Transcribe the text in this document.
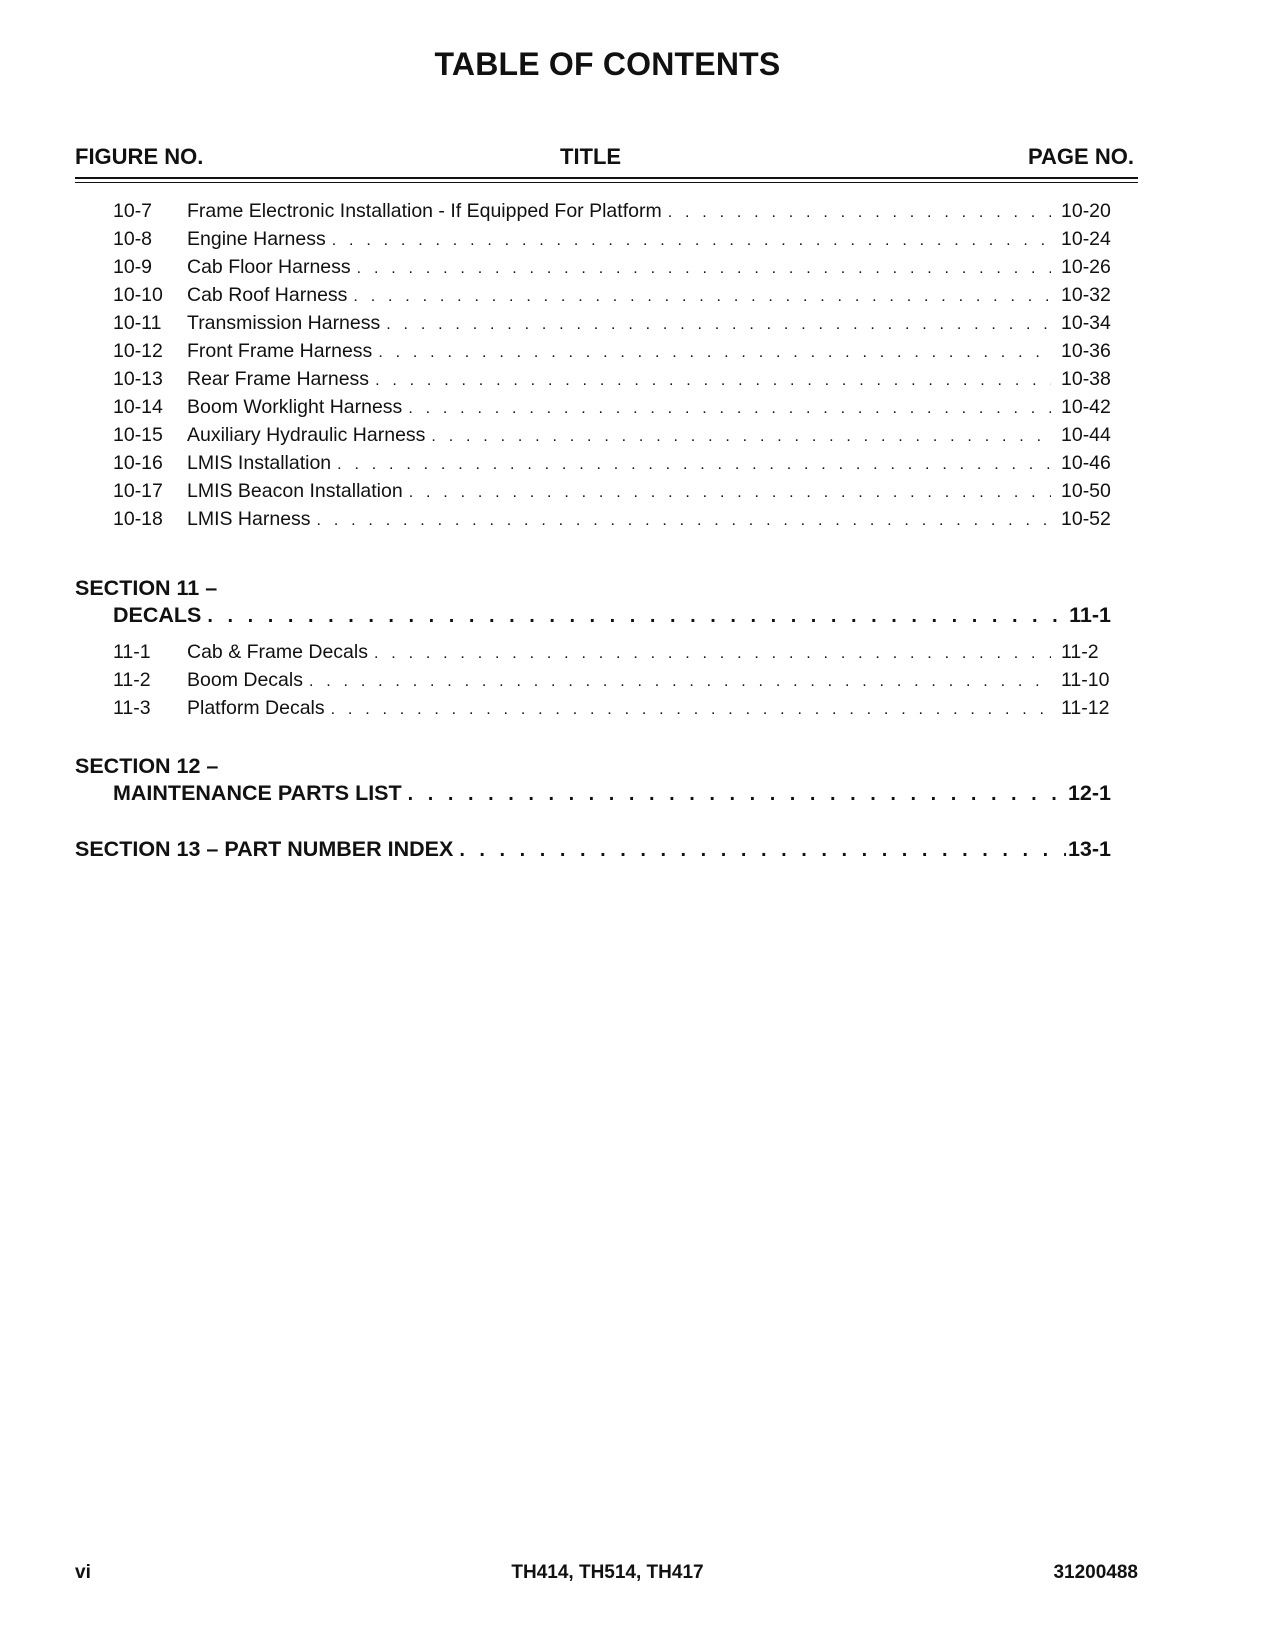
TABLE OF CONTENTS
FIGURE NO.	TITLE	PAGE NO.
10-7	Frame Electronic Installation - If Equipped For Platform . . .	10-20
10-8	Engine Harness . . .	10-24
10-9	Cab Floor Harness . . .	10-26
10-10	Cab Roof Harness . . .	10-32
10-11	Transmission Harness . . .	10-34
10-12	Front Frame Harness . . .	10-36
10-13	Rear Frame Harness . . .	10-38
10-14	Boom Worklight Harness . . .	10-42
10-15	Auxiliary Hydraulic Harness . . .	10-44
10-16	LMIS Installation . . .	10-46
10-17	LMIS Beacon Installation . . .	10-50
10-18	LMIS Harness . . .	10-52
SECTION 11 –
DECALS . . .	11-1
11-1	Cab & Frame Decals . . .	11-2
11-2	Boom Decals . . .	11-10
11-3	Platform Decals . . .	11-12
SECTION 12 –
MAINTENANCE PARTS LIST . . .	12-1
SECTION 13 – PART NUMBER INDEX . . .	13-1
vi	TH414, TH514, TH417	31200488
